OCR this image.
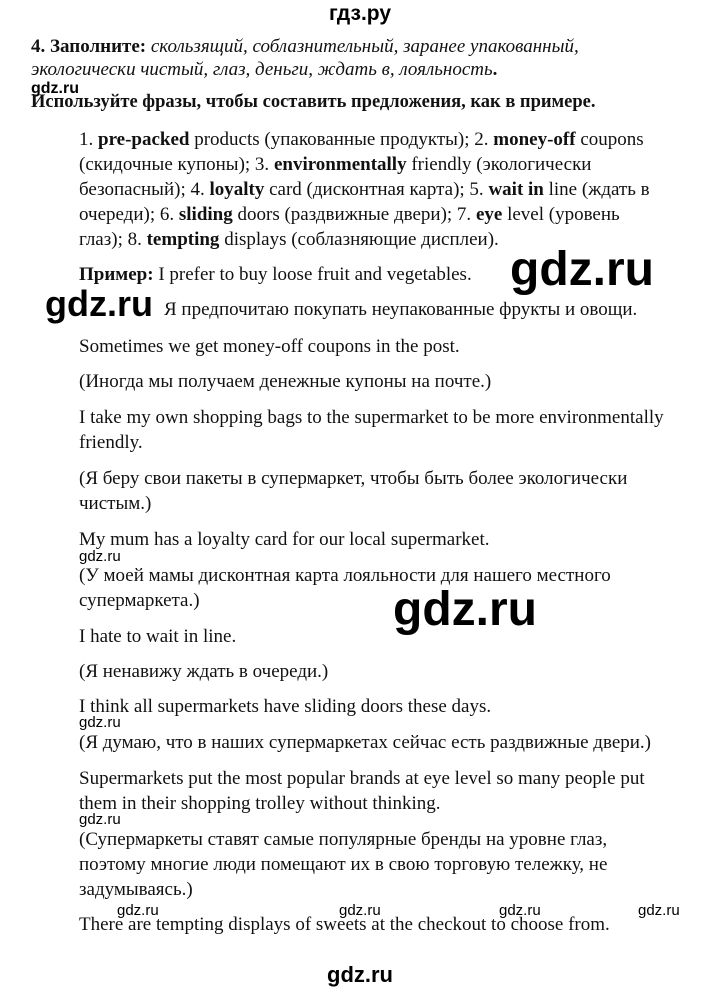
гдз.ру
4. Заполните: скользящий, соблазнительный, заранее упакованный,
экологически чистый, глаз, деньги, ждать в, лояльность.
gdz.ru
Используйте фразы, чтобы составить предложения, как в примере.
1. pre-packed products (упакованные продукты); 2. money-off coupons
(скидочные купоны); 3. environmentally friendly (экологически
безопасный); 4. loyalty card (дисконтная карта); 5. wait in line (ждать в
очереди); 6. sliding doors (раздвижные двери); 7. eye level (уровень
глаз); 8. tempting displays (соблазняющие дисплеи).
Пример: I prefer to buy loose fruit and vegetables. gdz.ru
gdz.ru Я предпочитаю покупать неупакованные фрукты и овощи.
Sometimes we get money-off coupons in the post.
(Иногда мы получаем денежные купоны на почте.)
I take my own shopping bags to the supermarket to be more environmentally
friendly.
(Я беру свои пакеты в супермаркет, чтобы быть более экологически
чистым.)
My mum has a loyalty card for our local supermarket.
gdz.ru
(У моей мамы дисконтная карта лояльности для нашего местного
супермаркета.)	gdz.ru
I hate to wait in line.
(Я ненавижу ждать в очереди.)
I think all supermarkets have sliding doors these days.
gdz.ru
(Я думаю, что в наших супермаркетах сейчас есть раздвижные двери.)
Supermarkets put the most popular brands at eye level so many people put
them in their shopping trolley without thinking.
gdz.ru
(Супермаркеты ставят самые популярные бренды на уровне глаз,
поэтому многие люди помещают их в свою торговую тележку, не
задумываясь.)
gdz.ru	gdz.ru	gdz.ru	gdz.ru
There are tempting displays of sweets at the checkout to choose from.
gdz.ru
